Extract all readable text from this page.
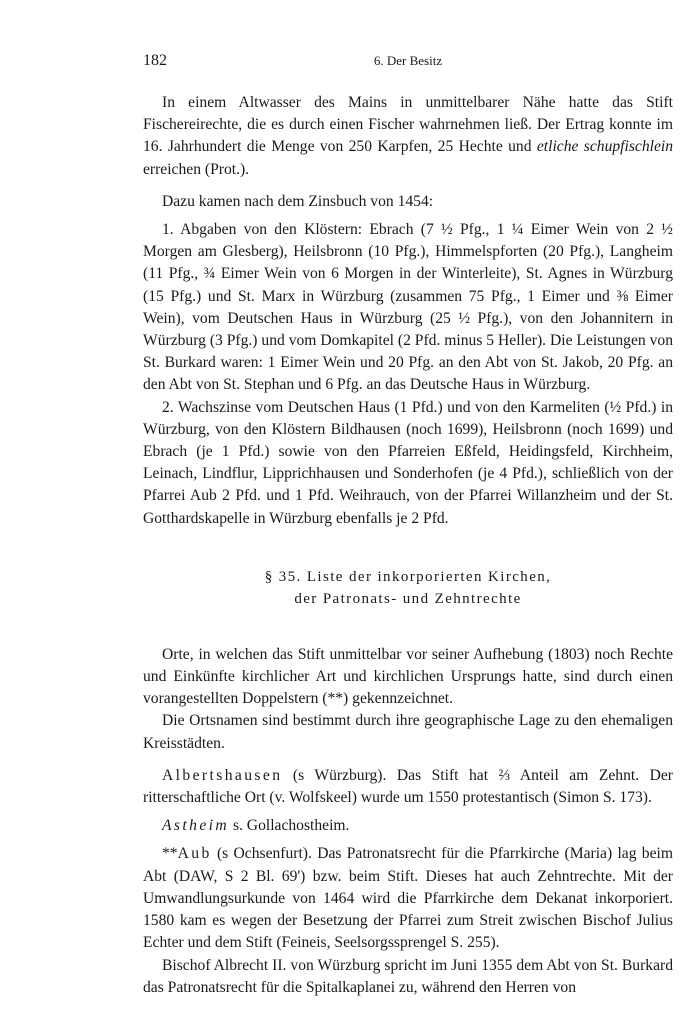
182	6. Der Besitz

In einem Altwasser des Mains in unmittelbarer Nähe hatte das Stift Fischereirechte, die es durch einen Fischer wahrnehmen ließ. Der Ertrag konnte im 16. Jahrhundert die Menge von 250 Karpfen, 25 Hechte und etliche schupfischlein erreichen (Prot.).

Dazu kamen nach dem Zinsbuch von 1454:

1. Abgaben von den Klöstern: Ebrach (7 ½ Pfg., 1 ¼ Eimer Wein von 2 ½ Morgen am Glesberg), Heilsbronn (10 Pfg.), Himmelspforten (20 Pfg.), Langheim (11 Pfg., ¾ Eimer Wein von 6 Morgen in der Winterleite), St. Agnes in Würzburg (15 Pfg.) und St. Marx in Würzburg (zusammen 75 Pfg., 1 Eimer und ⅜ Eimer Wein), vom Deutschen Haus in Würzburg (25 ½ Pfg.), von den Johannitern in Würzburg (3 Pfg.) und vom Domkapitel (2 Pfd. minus 5 Heller). Die Leistungen von St. Burkard waren: 1 Eimer Wein und 20 Pfg. an den Abt von St. Jakob, 20 Pfg. an den Abt von St. Stephan und 6 Pfg. an das Deutsche Haus in Würzburg.

2. Wachszinse vom Deutschen Haus (1 Pfd.) und von den Karmeliten (½ Pfd.) in Würzburg, von den Klöstern Bildhausen (noch 1699), Heilsbronn (noch 1699) und Ebrach (je 1 Pfd.) sowie von den Pfarreien Eßfeld, Heidingsfeld, Kirchheim, Leinach, Lindflur, Lipprichhausen und Sonderhofen (je 4 Pfd.), schließlich von der Pfarrei Aub 2 Pfd. und 1 Pfd. Weihrauch, von der Pfarrei Willanzheim und der St. Gotthardskapelle in Würzburg ebenfalls je 2 Pfd.

§ 35. Liste der inkorporierten Kirchen,
der Patronats- und Zehntrechte

Orte, in welchen das Stift unmittelbar vor seiner Aufhebung (1803) noch Rechte und Einkünfte kirchlicher Art und kirchlichen Ursprungs hatte, sind durch einen vorangestellten Doppelstern (**) gekennzeichnet.

Die Ortsnamen sind bestimmt durch ihre geographische Lage zu den ehemaligen Kreisstädten.

Albertshausen (s Würzburg). Das Stift hat ⅔ Anteil am Zehnt. Der ritterschaftliche Ort (v. Wolfskeel) wurde um 1550 protestantisch (Simon S. 173).

Astheim s. Gollachostheim.

**Aub (s Ochsenfurt). Das Patronatsrecht für die Pfarrkirche (Maria) lag beim Abt (DAW, S 2 Bl. 69') bzw. beim Stift. Dieses hat auch Zehntrechte. Mit der Umwandlungsurkunde von 1464 wird die Pfarrkirche dem Dekanat inkorporiert. 1580 kam es wegen der Besetzung der Pfarrei zum Streit zwischen Bischof Julius Echter und dem Stift (Feineis, Seelsorgssprengel S. 255).

Bischof Albrecht II. von Würzburg spricht im Juni 1355 dem Abt von St. Burkard das Patronatsrecht für die Spitalkaplanei zu, während den Herren von
